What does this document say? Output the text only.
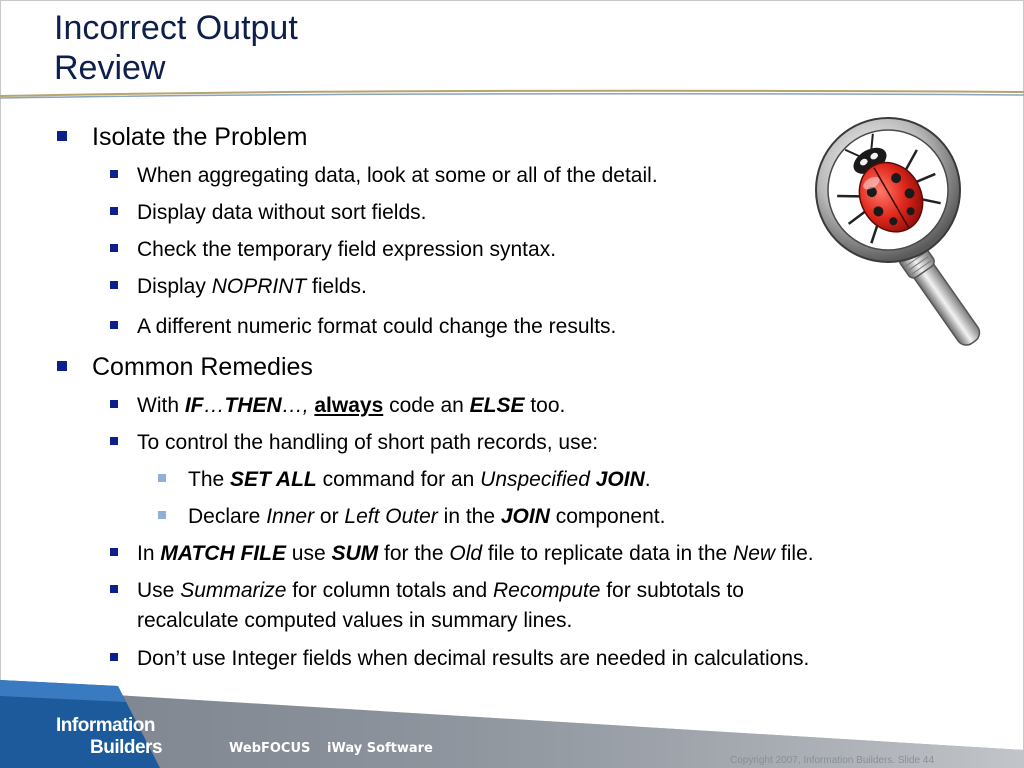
Incorrect Output
Review
Isolate the Problem
When aggregating data, look at some or all of the detail.
Display data without sort fields.
Check the temporary field expression syntax.
Display NOPRINT fields.
A different numeric format could change the results.
Common Remedies
With IF…THEN…, always code an ELSE too.
To control the handling of short path records, use:
The SET ALL command for an Unspecified JOIN.
Declare Inner or Left Outer in the JOIN component.
In MATCH FILE use SUM for the Old file to replicate data in the New file.
Use Summarize for column totals and Recompute for subtotals to
recalculate computed values in summary lines.
Don’t use Integer fields when decimal results are needed in calculations.
Information
Builders	WebFOCUS iWay Software
Copyright 2007, Information Builders. Slide 44
